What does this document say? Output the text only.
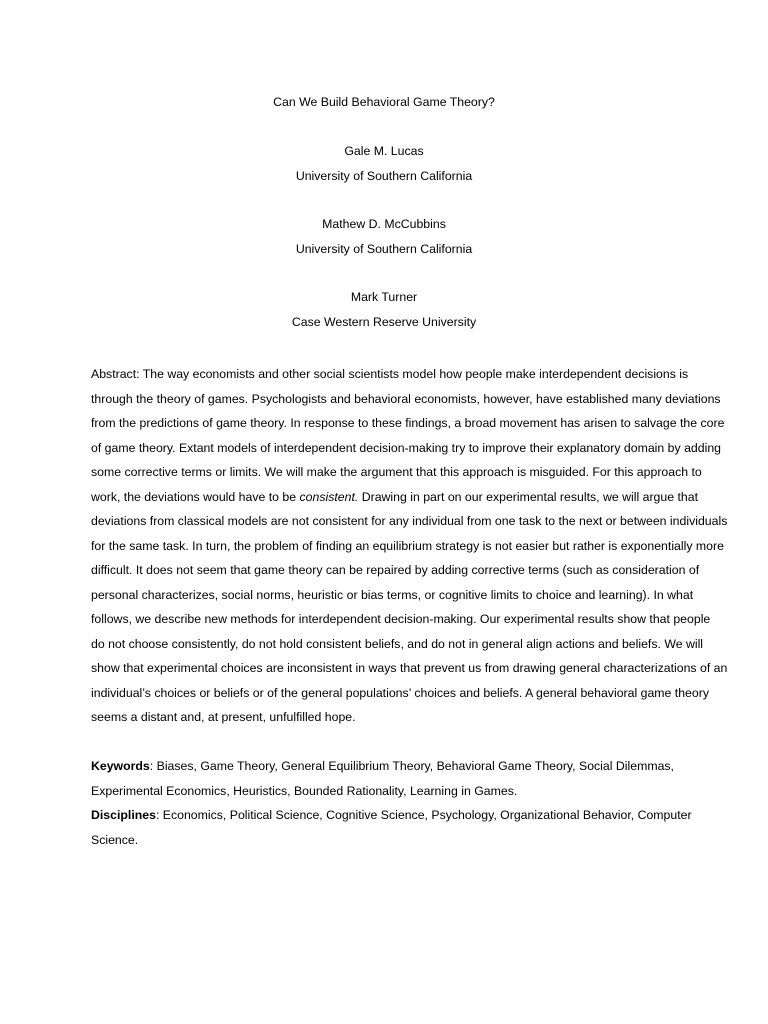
Can We Build Behavioral Game Theory?
Gale M. Lucas
University of Southern California
Mathew D. McCubbins
University of Southern California
Mark Turner
Case Western Reserve University
Abstract: The way economists and other social scientists model how people make interdependent decisions is
through the theory of games. Psychologists and behavioral economists, however, have established many deviations
from the predictions of game theory. In response to these findings, a broad movement has arisen to salvage the core
of game theory. Extant models of interdependent decision-making try to improve their explanatory domain by adding
some corrective terms or limits. We will make the argument that this approach is misguided. For this approach to
work, the deviations would have to be consistent. Drawing in part on our experimental results, we will argue that
deviations from classical models are not consistent for any individual from one task to the next or between individuals
for the same task. In turn, the problem of finding an equilibrium strategy is not easier but rather is exponentially more
difficult. It does not seem that game theory can be repaired by adding corrective terms (such as consideration of
personal characterizes, social norms, heuristic or bias terms, or cognitive limits to choice and learning). In what
follows, we describe new methods for interdependent decision-making. Our experimental results show that people
do not choose consistently, do not hold consistent beliefs, and do not in general align actions and beliefs. We will
show that experimental choices are inconsistent in ways that prevent us from drawing general characterizations of an
individual’s choices or beliefs or of the general populations’ choices and beliefs. A general behavioral game theory
seems a distant and, at present, unfulfilled hope.
Keywords: Biases, Game Theory, General Equilibrium Theory, Behavioral Game Theory, Social Dilemmas,
Experimental Economics, Heuristics, Bounded Rationality, Learning in Games.
Disciplines: Economics, Political Science, Cognitive Science, Psychology, Organizational Behavior, Computer
Science.
